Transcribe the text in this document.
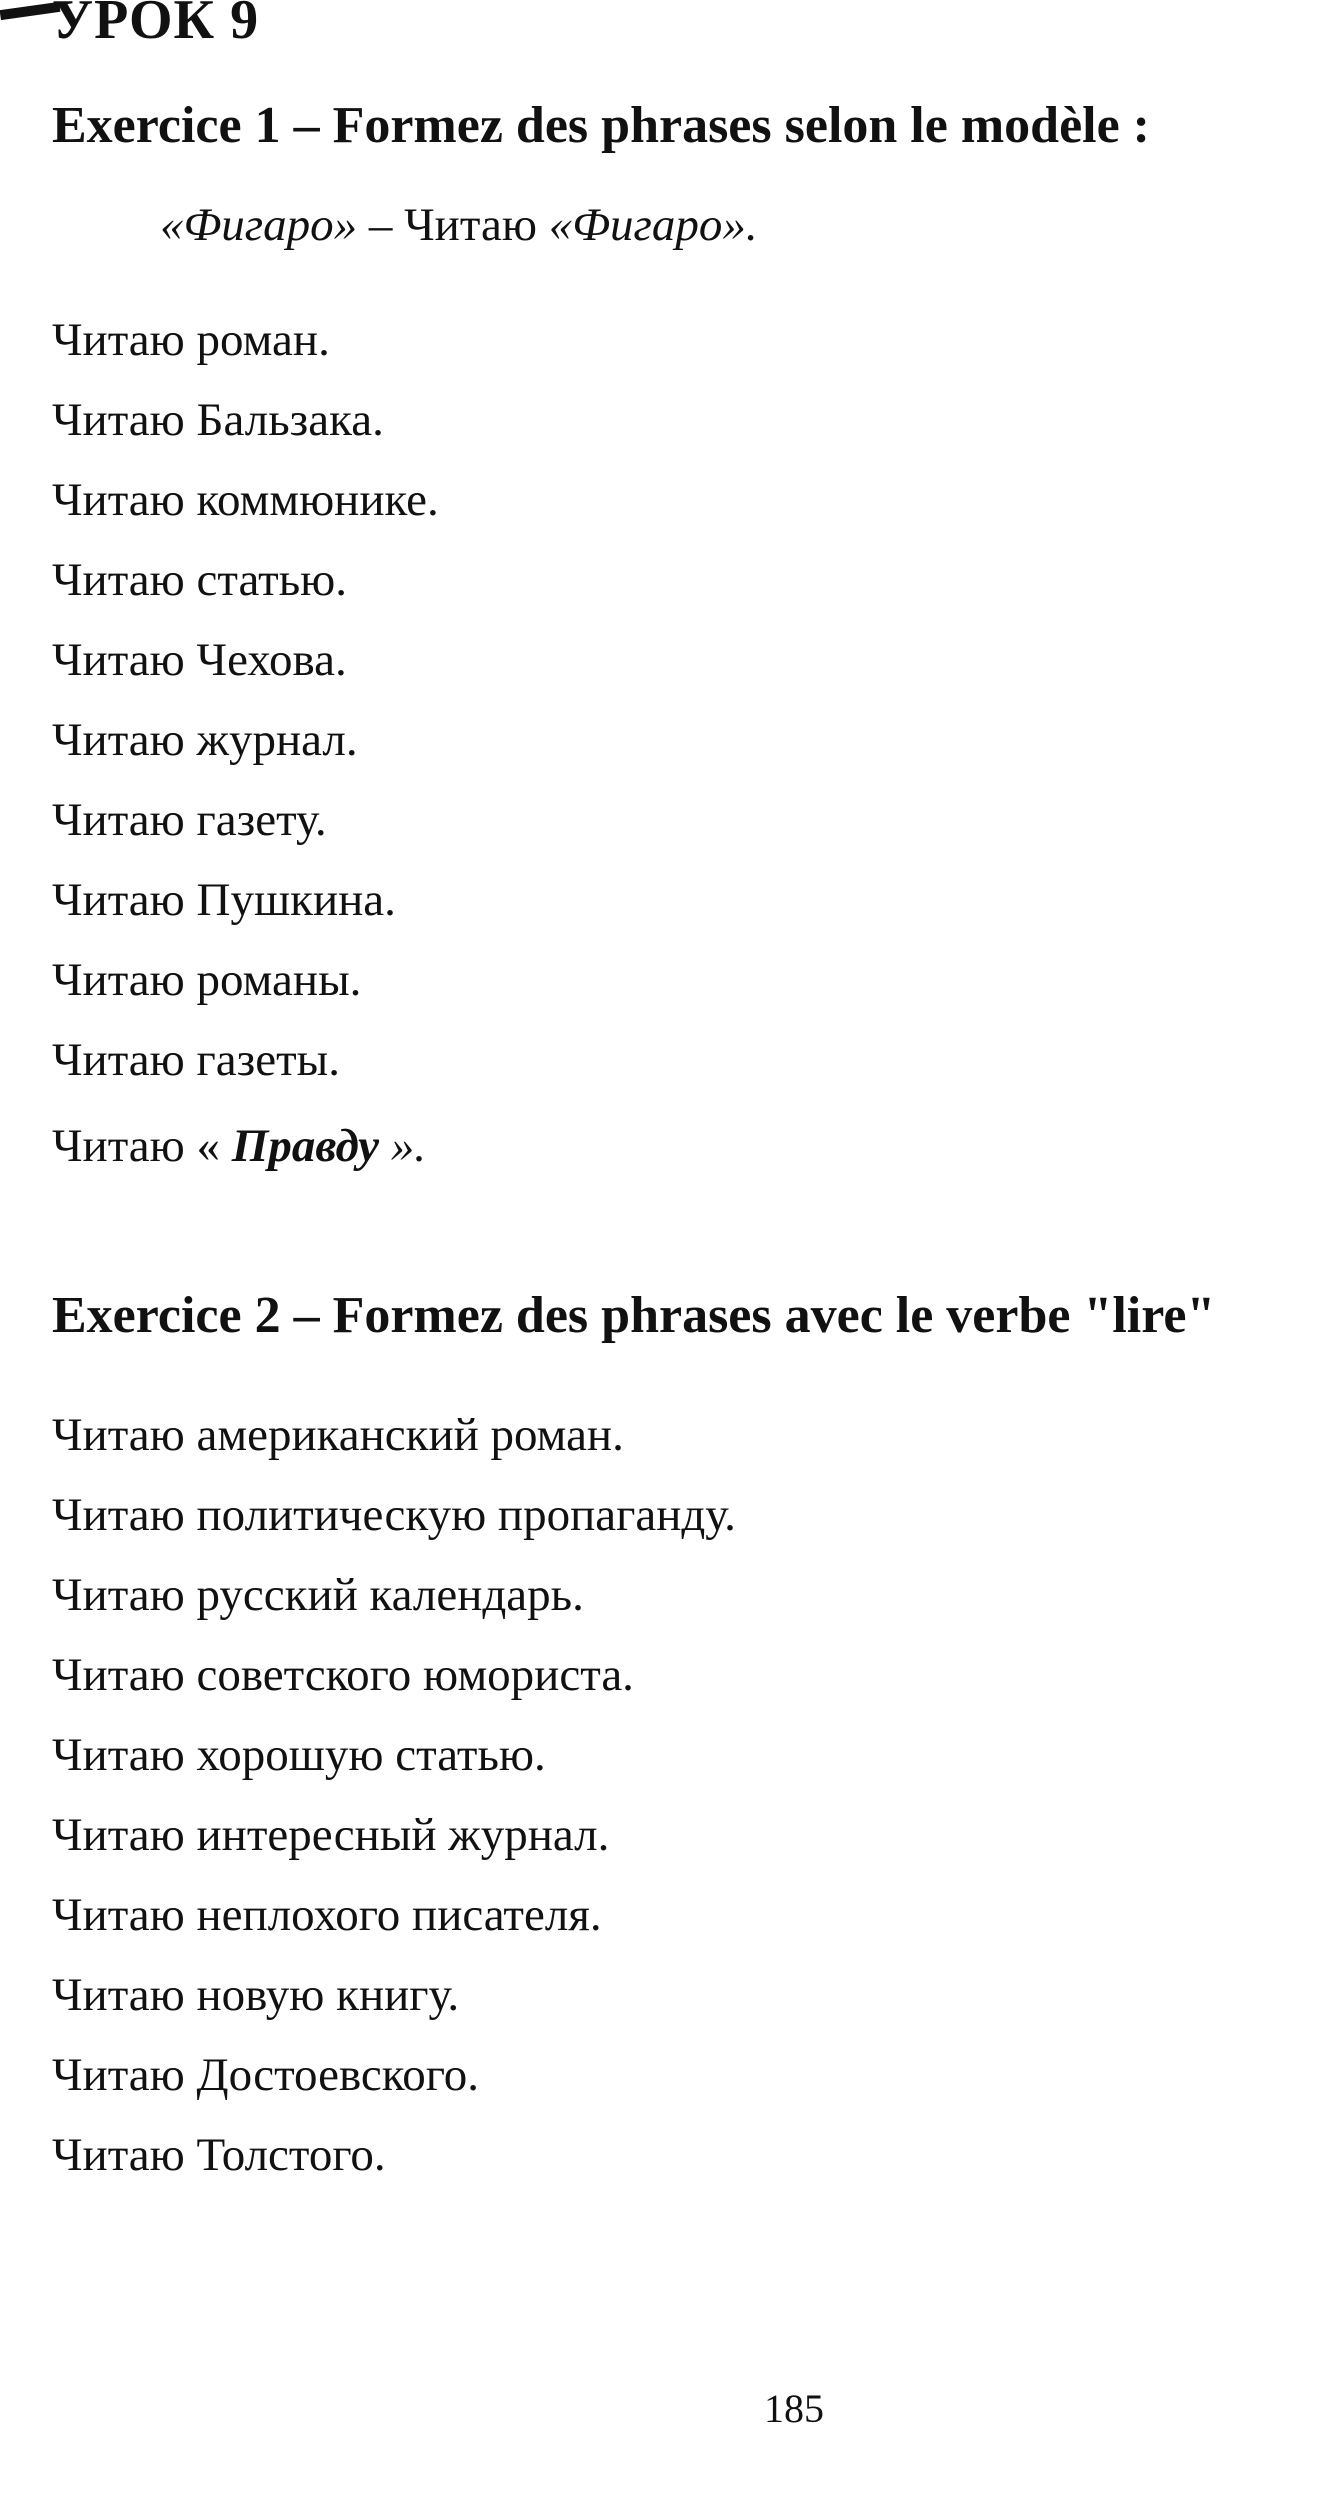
УРОК 9
Exercice 1 – Formez des phrases selon le modèle :
«Фигаро» – Читаю «Фигаро».
Читаю роман.
Читаю Бальзака.
Читаю коммюнике.
Читаю статью.
Читаю Чехова.
Читаю журнал.
Читаю газету.
Читаю Пушкина.
Читаю романы.
Читаю газеты.
Читаю « Правду ».
Exercice 2 – Formez des phrases avec le verbe "lire"
Читаю американский роман.
Читаю политическую пропаганду.
Читаю русский календарь.
Читаю советского юмориста.
Читаю хорошую статью.
Читаю интересный журнал.
Читаю неплохого писателя.
Читаю новую книгу.
Читаю Достоевского.
Читаю Толстого.
185
